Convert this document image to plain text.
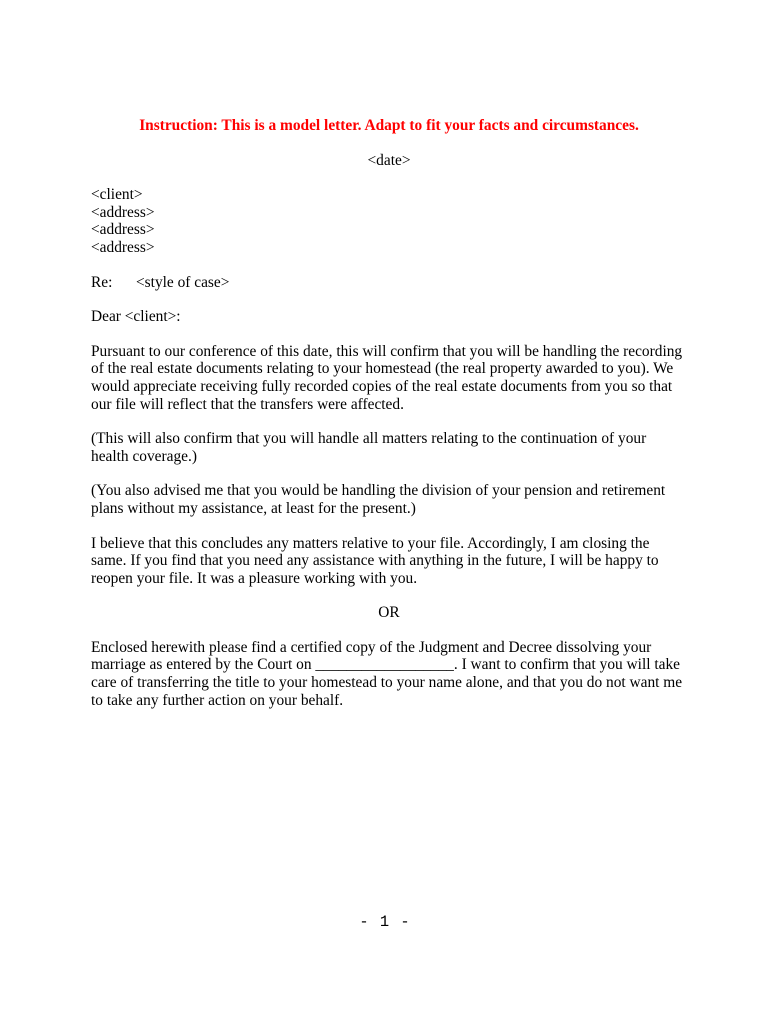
Instruction: This is a model letter. Adapt to fit your facts and circumstances.
<date>
<client>
<address>
<address>
<address>
Re: <style of case>
Dear <client>:
Pursuant to our conference of this date, this will confirm that you will be handling the recording of the real estate documents relating to your homestead (the real property awarded to you). We would appreciate receiving fully recorded copies of the real estate documents from you so that our file will reflect that the transfers were affected.
(This will also confirm that you will handle all matters relating to the continuation of your health coverage.)
(You also advised me that you would be handling the division of your pension and retirement plans without my assistance, at least for the present.)
I believe that this concludes any matters relative to your file. Accordingly, I am closing the same. If you find that you need any assistance with anything in the future, I will be happy to reopen your file. It was a pleasure working with you.
OR
Enclosed herewith please find a certified copy of the Judgment and Decree dissolving your marriage as entered by the Court on __________________. I want to confirm that you will take care of transferring the title to your homestead to your name alone, and that you do not want me to take any further action on your behalf.
- 1 -
